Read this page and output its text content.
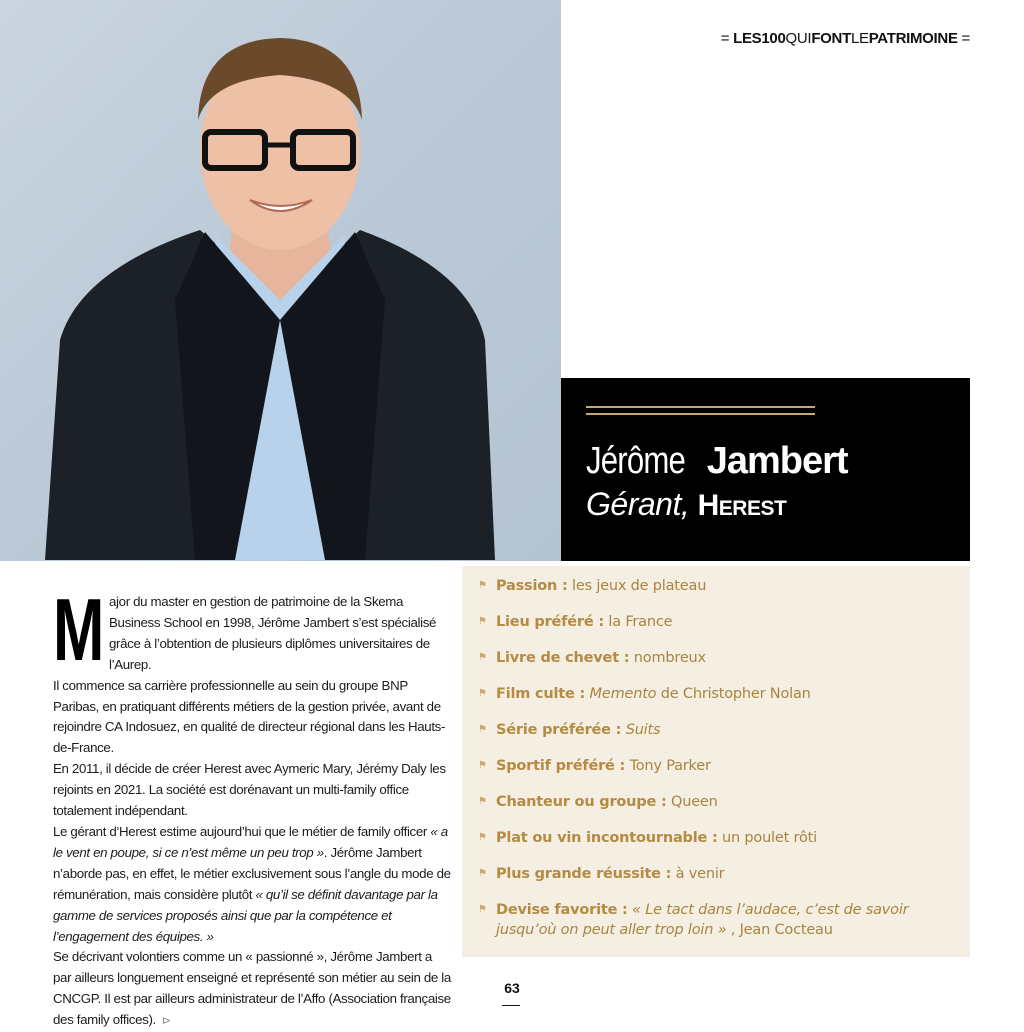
= LES100QUIFONTLEPATRIMOINE =
Jérôme Jambert
Gérant, Herest
M ajor du master en gestion de patrimoine de la Skema Business School en 1998, Jérôme Jambert s’est spécialisé grâce à l’obtention de plusieurs diplômes universitaires de l’Aurep.

Il commence sa carrière professionnelle au sein du groupe BNP Paribas, en pratiquant différents métiers de la gestion privée, avant de rejoindre CA Indosuez, en qualité de directeur régional dans les Hauts-de-France.

En 2011, il décide de créer Herest avec Aymeric Mary, Jérémy Daly les rejoints en 2021. La société est dorénavant un multi-family office totalement indépendant.

Le gérant d’Herest estime aujourd’hui que le métier de family officer « a le vent en poupe, si ce n’est même un peu trop ». Jérôme Jambert n’aborde pas, en effet, le métier exclusivement sous l’angle du mode de rémunération, mais considère plutôt « qu’il se définit davantage par la gamme de services proposés ainsi que par la compétence et l’engagement des équipes. »

Se décrivant volontiers comme un « passionné », Jérôme Jambert a par ailleurs longuement enseigné et représenté son métier au sein de la CNCGP. Il est par ailleurs administrateur de l’Affo (Association française des family offices). ⊳

⚑ Passion : les jeux de plateau
⚑ Lieu préféré : la France
⚑ Livre de chevet : nombreux
⚑ Film culte : Memento de Christopher Nolan
⚑ Série préférée : Suits
⚑ Sportif préféré : Tony Parker
⚑ Chanteur ou groupe : Queen
⚑ Plat ou vin incontournable : un poulet rôti
⚑ Plus grande réussite : à venir
⚑ Devise favorite : « Le tact dans l’audace, c’est de savoir jusqu’où on peut aller trop loin » , Jean Cocteau
63
